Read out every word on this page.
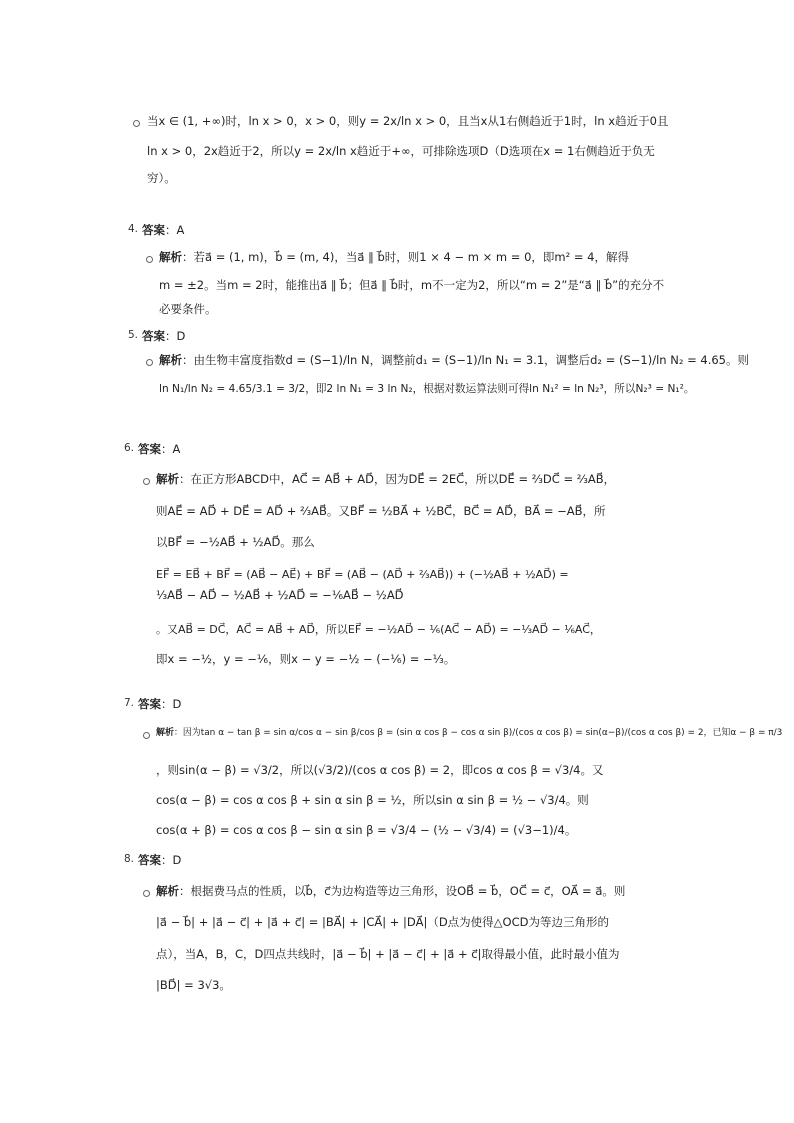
当x ∈ (1, +∞)时，ln x > 0，x > 0，则y = 2x/ln x > 0，且当x从1右侧趋近于1时，ln x趋近于0且
ln x > 0，2x趋近于2，所以y = 2x/ln x趋近于+∞，可排除选项D（D选项在x = 1右侧趋近于负无
穷）。
4. 答案：A
解析：若a⃗ = (1, m)，b⃗ = (m, 4)，当a⃗ ∥ b⃗时，则1 × 4 − m × m = 0，即m² = 4，解得
m = ±2。当m = 2时，能推出a⃗ ∥ b⃗；但a⃗ ∥ b⃗时，m不一定为2，所以“m = 2”是“a⃗ ∥ b⃗”的充分不
必要条件。
5. 答案：D
解析：由生物丰富度指数d = (S−1)/ln N，调整前d₁ = (S−1)/ln N₁ = 3.1，调整后d₂ = (S−1)/ln N₂ = 4.65。则
ln N₁/ln N₂ = 4.65/3.1 = 3/2，即2 ln N₁ = 3 ln N₂，根据对数运算法则可得ln N₁² = ln N₂³，所以N₂³ = N₁²。
6. 答案：A
解析：在正方形ABCD中，AC⃗ = AB⃗ + AD⃗，因为DE⃗ = 2EC⃗，所以DE⃗ = ⅔DC⃗ = ⅔AB⃗，
则AE⃗ = AD⃗ + DE⃗ = AD⃗ + ⅔AB⃗。又BF⃗ = ½BA⃗ + ½BC⃗，BC⃗ = AD⃗，BA⃗ = −AB⃗，所
以BF⃗ = −½AB⃗ + ½AD⃗。那么
EF⃗ = EB⃗ + BF⃗ = (AB⃗ − AE⃗) + BF⃗ = (AB⃗ − (AD⃗ + ⅔AB⃗)) + (−½AB⃗ + ½AD⃗) =
⅓AB⃗ − AD⃗ − ½AB⃗ + ½AD⃗ = −⅙AB⃗ − ½AD⃗
。又AB⃗ = DC⃗，AC⃗ = AB⃗ + AD⃗，所以EF⃗ = −½AD⃗ − ⅙(AC⃗ − AD⃗) = −⅓AD⃗ − ⅙AC⃗，
即x = −½，y = −⅙，则x − y = −½ − (−⅙) = −⅓。
7. 答案：D
解析：因为tan α − tan β = sin α/cos α − sin β/cos β = (sin α cos β − cos α sin β)/(cos α cos β) = sin(α−β)/(cos α cos β) = 2，已知α − β = π/3
，则sin(α − β) = √3/2，所以(√3/2)/(cos α cos β) = 2，即cos α cos β = √3/4。又
cos(α − β) = cos α cos β + sin α sin β = ½，所以sin α sin β = ½ − √3/4。则
cos(α + β) = cos α cos β − sin α sin β = √3/4 − (½ − √3/4) = (√3−1)/4。
8. 答案：D
解析：根据费马点的性质，以b⃗，c⃗为边构造等边三角形，设OB⃗ = b⃗，OC⃗ = c⃗，OA⃗ = a⃗。则
|a⃗ − b⃗| + |a⃗ − c⃗| + |a⃗ + c⃗| = |BA⃗| + |CA⃗| + |DA⃗|（D点为使得△OCD为等边三角形的
点），当A，B，C，D四点共线时，|a⃗ − b⃗| + |a⃗ − c⃗| + |a⃗ + c⃗|取得最小值，此时最小值为
|BD⃗| = 3√3。
